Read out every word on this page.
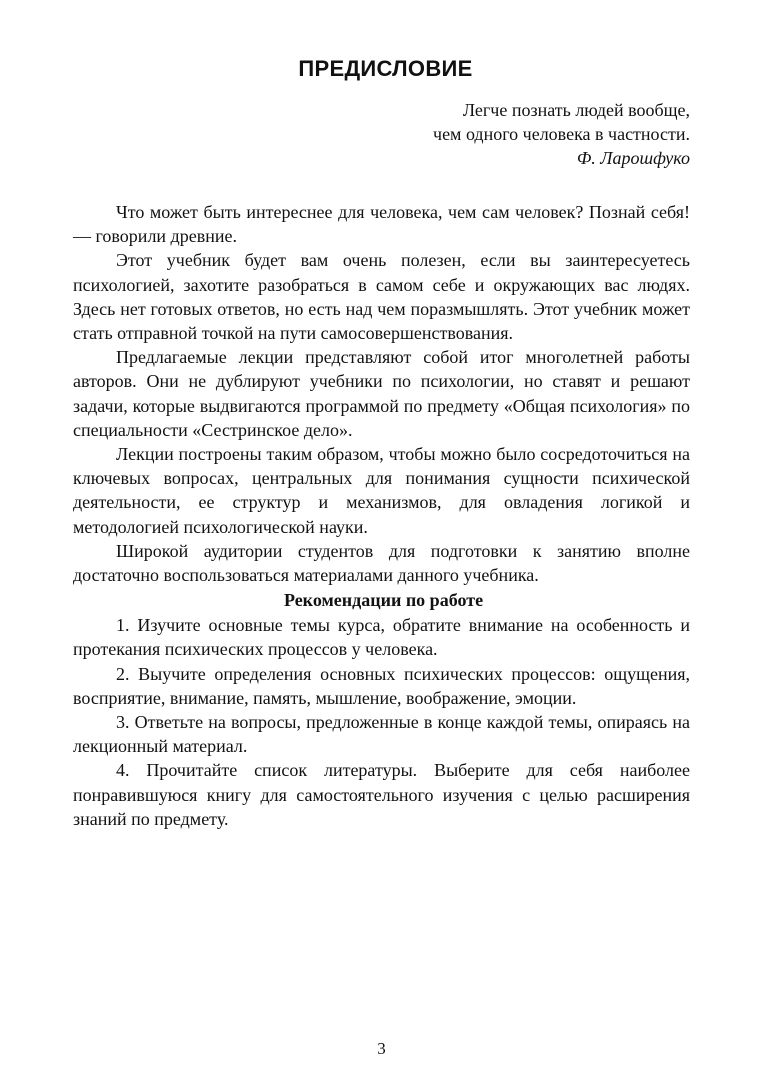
ПРЕДИСЛОВИЕ
Легче познать людей вообще,
чем одного человека в частности.
Ф. Ларошфуко

Что может быть интереснее для человека, чем сам человек? Познай себя! — говорили древние.

Этот учебник будет вам очень полезен, если вы заинтересуетесь психологией, захотите разобраться в самом себе и окружающих вас людях. Здесь нет готовых ответов, но есть над чем поразмышлять. Этот учебник может стать отправной точкой на пути самосовершенствования.

Предлагаемые лекции представляют собой итог многолетней работы авторов. Они не дублируют учебники по психологии, но ставят и решают задачи, которые выдвигаются программой по предмету «Общая психология» по специальности «Сестринское дело».

Лекции построены таким образом, чтобы можно было сосредоточиться на ключевых вопросах, центральных для понимания сущности психической деятельности, ее структур и механизмов, для овладения логикой и методологией психологической науки.

Широкой аудитории студентов для подготовки к занятию вполне достаточно воспользоваться материалами данного учебника.

Рекомендации по работе

1. Изучите основные темы курса, обратите внимание на особенность и протекания психических процессов у человека.

2. Выучите определения основных психических процессов: ощущения, восприятие, внимание, память, мышление, воображение, эмоции.

3. Ответьте на вопросы, предложенные в конце каждой темы, опираясь на лекционный материал.

4. Прочитайте список литературы. Выберите для себя наиболее понравившуюся книгу для самостоятельного изучения с целью расширения знаний по предмету.

3
